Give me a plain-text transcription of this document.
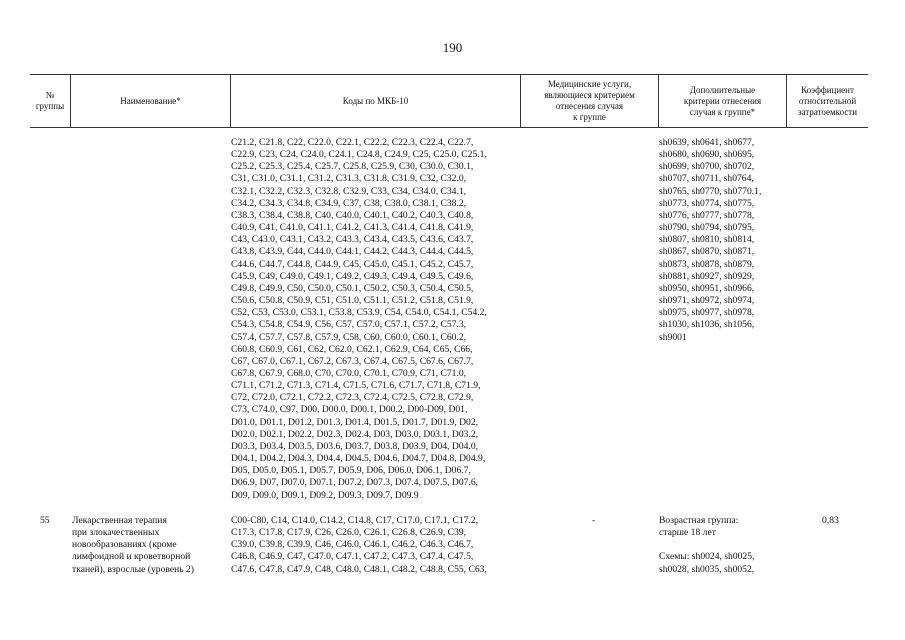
190
№
группы
Наименование*	Коды по МКБ-10
Медицинские услуги,
являющиеся критерием
отнесения случая
к группе
Дополнительные
критерии отнесения
случая к группе*
Коэффициент
относительной
затратоемкости
C21.2, C21.8, C22, C22.0, C22.1, C22.2, C22.3, C22.4, C22.7,
C22.9, C23, C24, C24.0, C24.1, C24.8, C24.9, C25, C25.0, C25.1,
C25.2, C25.3, C25.4, C25.7, C25.8, C25.9, C30, C30.0, C30.1,
C31, C31.0, C31.1, C31.2, C31.3, C31.8, C31.9, C32, C32.0,
C32.1, C32.2, C32.3, C32.8, C32.9, C33, C34, C34.0, C34.1,
C34.2, C34.3, C34.8, C34.9, C37, C38, C38.0, C38.1, C38.2,
C38.3, C38.4, C38.8, C40, C40.0, C40.1, C40.2, C40.3, C40.8,
C40.9, C41, C41.0, C41.1, C41.2, C41.3, C41.4, C41.8, C41.9,
C43, C43.0, C43.1, C43.2, C43.3, C43.4, C43.5, C43.6, C43.7,
C43.8, C43.9, C44, C44.0, C44.1, C44.2, C44.3, C44.4, C44.5,
C44.6, C44.7, C44.8, C44.9, C45, C45.0, C45.1, C45.2, C45.7,
C45.9, C49, C49.0, C49.1, C49.2, C49.3, C49.4, C49.5, C49.6,
C49.8, C49.9, C50, C50.0, C50.1, C50.2, C50.3, C50.4, C50.5,
C50.6, C50.8, C50.9, C51, C51.0, C51.1, C51.2, C51.8, C51.9,
C52, C53, C53.0, C53.1, C53.8, C53.9, C54, C54.0, C54.1, C54.2,
C54.3, C54.8, C54.9, C56, C57, C57.0, C57.1, C57.2, C57.3,
C57.4, C57.7, C57.8, C57.9, C58, C60, C60.0, C60.1, C60.2,
C60.8, C60.9, C61, C62, C62.0, C62.1, C62.9, C64, C65, C66,
C67, C67.0, C67.1, C67.2, C67.3, C67.4, C67.5, C67.6, C67.7,
C67.8, C67.9, C68.0, C70, C70.0, C70.1, C70.9, C71, C71.0,
C71.1, C71.2, C71.3, C71.4, C71.5, C71.6, C71.7, C71.8, C71.9,
C72, C72.0, C72.1, C72.2, C72.3, C72.4, C72.5, C72.8, C72.9,
C73, C74.0, C97, D00, D00.0, D00.1, D00.2, D00-D09, D01,
D01.0, D01.1, D01.2, D01.3, D01.4, D01.5, D01.7, D01.9, D02,
D02.0, D02.1, D02.2, D02.3, D02.4, D03, D03.0, D03.1, D03.2,
D03.3, D03.4, D03.5, D03.6, D03.7, D03.8, D03.9, D04, D04.0,
D04.1, D04.2, D04.3, D04.4, D04.5, D04.6, D04.7, D04.8, D04.9,
D05, D05.0, D05.1, D05.7, D05.9, D06, D06.0, D06.1, D06.7,
D06.9, D07, D07.0, D07.1, D07.2, D07.3, D07.4, D07.5, D07.6,
D09, D09.0, D09.1, D09.2, D09.3, D09.7, D09.9
sh0639, sh0641, sh0677,
sh0680, sh0690, sh0695,
sh0699, sh0700, sh0702,
sh0707, sh0711, sh0764,
sh0765, sh0770, sh0770.1,
sh0773, sh0774, sh0775,
sh0776, sh0777, sh0778,
sh0790, sh0794, sh0795,
sh0807, sh0810, sh0814,
sh0867, sh0870, sh0871,
sh0873, sh0878, sh0879,
sh0881, sh0927, sh0929,
sh0950, sh0951, sh0966,
sh0971, sh0972, sh0974,
sh0975, sh0977, sh0978,
sh1030, sh1036, sh1056,
sh9001
55 Лекарственная терапия
при злокачественных
новообразованиях (кроме
лимфоидной и кроветворной
тканей), взрослые (уровень 2)
C00-C80, C14, C14.0, C14.2, C14.8, C17, C17.0, C17.1, C17.2,
C17.3, C17.8, C17.9, C26, C26.0, C26.1, C26.8, C26.9, C39,
C39.0, C39.8, C39.9, C46, C46.0, C46.1, C46.2, C46.3, C46.7,
C46.8, C46.9, C47, C47.0, C47.1, C47.2, C47.3, C47.4, C47.5,
C47.6, C47.8, C47.9, C48, C48.0, C48.1, C48.2, C48.8, C55, C63,
-	Возрастная группа:
старше 18 лет

Схемы: sh0024, sh0025,
sh0028, sh0035, sh0052,
0,83
